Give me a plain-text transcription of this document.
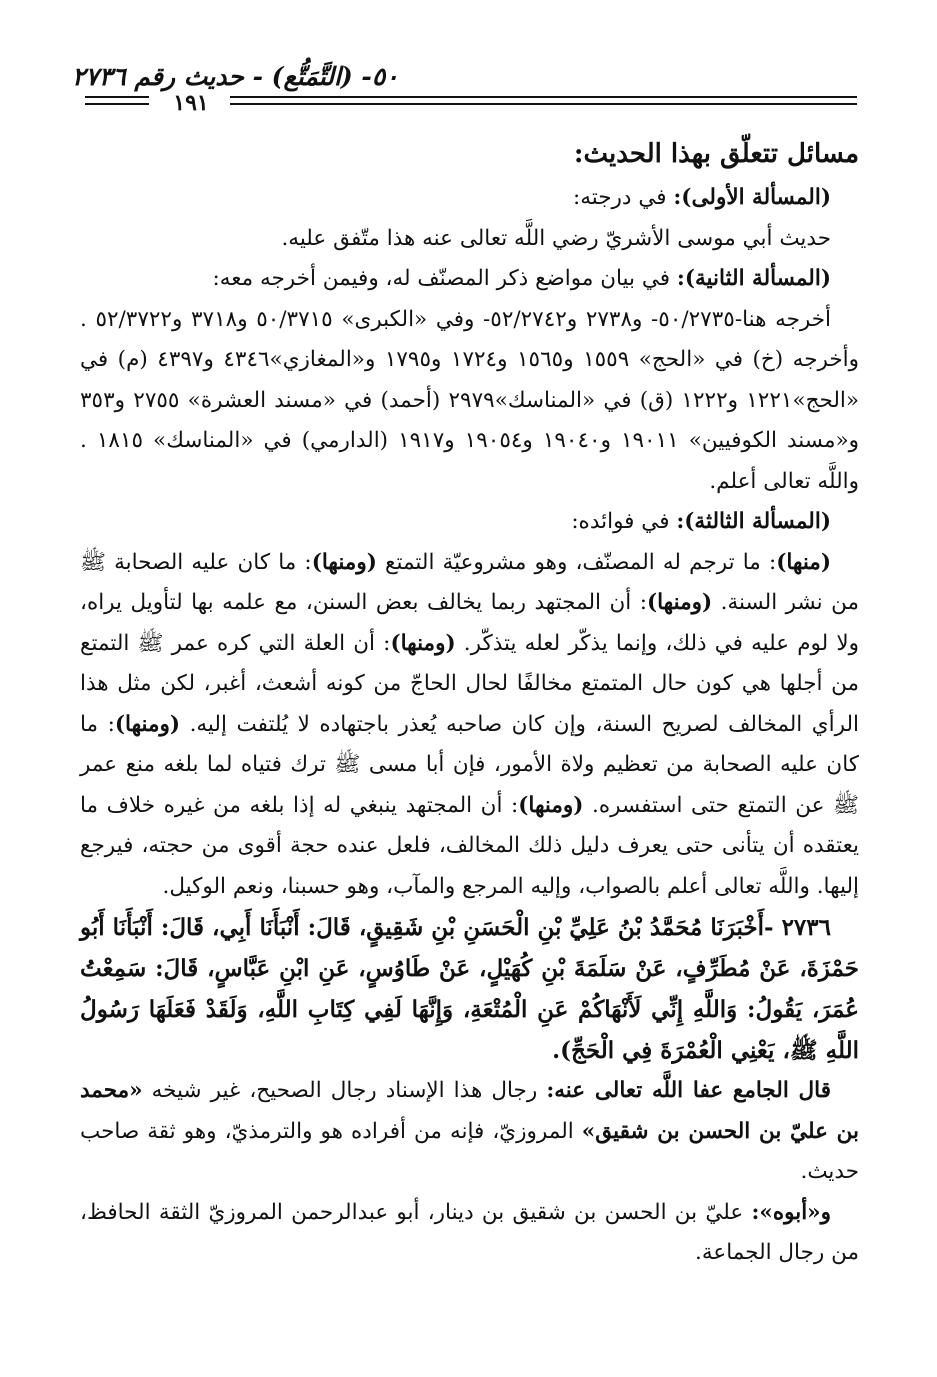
٥٠- (التَّمَتُّع) - حديث رقم ٢٧٣٦
١٩١

مسائل تتعلّق بهذا الحديث:

(المسألة الأولى): في درجته:

حديث أبي موسى الأشريّ رضي اللَّه تعالى عنه هذا متّفق عليه.

(المسألة الثانية): في بيان مواضع ذكر المصنّف له، وفيمن أخرجه معه:

أخرجه هنا-٥٠/٢٧٣٥- و٢٧٣٨ و٥٢/٢٧٤٢- وفي «الكبرى» ٥٠/٣٧١٥ و٣٧١٨ و٥٢/٣٧٢٢ . وأخرجه (خ) في «الحج» ١٥٥٩ و١٥٦٥ و١٧٢٤ و١٧٩٥ و«المغازي»٤٣٤٦ و٤٣٩٧ (م) في «الحج»١٢٢١ و١٢٢٢ (ق) في «المناسك»٢٩٧٩ (أحمد) في «مسند العشرة» ٢٧٥٥ و٣٥٣ و«مسند الكوفيين» ١٩٠١١ و١٩٠٤٠ و١٩٠٥٤ و١٩١٧ (الدارمي) في «المناسك» ١٨١٥ . واللَّه تعالى أعلم.

(المسألة الثالثة): في فوائده:

(منها): ما ترجم له المصنّف، وهو مشروعيّة التمتع (ومنها): ما كان عليه الصحابة ﷺ من نشر السنة. (ومنها): أن المجتهد ربما يخالف بعض السنن، مع علمه بها لتأويل يراه، ولا لوم عليه في ذلك، وإنما يذكّر لعله يتذكّر. (ومنها): أن العلة التي كره عمر ﷺ التمتع من أجلها هي كون حال المتمتع مخالفًا لحال الحاجّ من كونه أشعث، أغبر، لكن مثل هذا الرأي المخالف لصريح السنة، وإن كان صاحبه يُعذر باجتهاده لا يُلتفت إليه. (ومنها): ما كان عليه الصحابة من تعظيم ولاة الأمور، فإن أبا مسى ﷺ ترك فتياه لما بلغه منع عمر ﷺ عن التمتع حتى استفسره. (ومنها): أن المجتهد ينبغي له إذا بلغه من غيره خلاف ما يعتقده أن يتأنى حتى يعرف دليل ذلك المخالف، فلعل عنده حجة أقوى من حجته، فيرجع إليها. واللَّه تعالى أعلم بالصواب، وإليه المرجع والمآب، وهو حسبنا، ونعم الوكيل.

٢٧٣٦ -أَخْبَرَنَا مُحَمَّدُ بْنُ عَلِيِّ بْنِ الْحَسَنِ بْنِ شَقِيقٍ، قَالَ: أَنْبَأَنَا أَبِي، قَالَ: أَنْبَأَنَا أَبُو حَمْزَةَ، عَنْ مُطَرِّفٍ، عَنْ سَلَمَةَ بْنِ كُهَيْلٍ، عَنْ طَاوُسٍ، عَنِ ابْنِ عَبَّاسٍ، قَالَ: سَمِعْتُ عُمَرَ، يَقُولُ: وَاللَّهِ إِنِّي لَأَنْهَاكُمْ عَنِ الْمُتْعَةِ، وَإِنَّهَا لَفِي كِتَابِ اللَّهِ، وَلَقَدْ فَعَلَهَا رَسُولُ اللَّهِ ﷺ، يَعْنِي الْعُمْرَةَ فِي الْحَجِّ).

قال الجامع عفا اللَّه تعالى عنه: رجال هذا الإسناد رجال الصحيح، غير شيخه «محمد بن عليّ بن الحسن بن شقيق» المروزيّ، فإنه من أفراده هو والترمذيّ، وهو ثقة صاحب حديث.

و«أبوه»: عليّ بن الحسن بن شقيق بن دينار، أبو عبدالرحمن المروزيّ الثقة الحافظ، من رجال الجماعة.
